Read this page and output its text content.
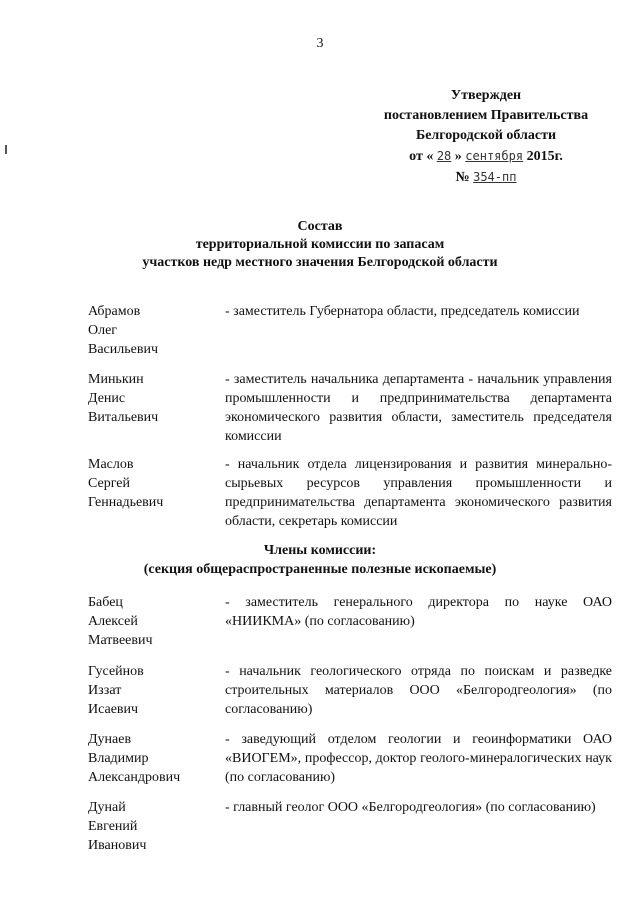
3
Утвержден
постановлением Правительства
Белгородской области
от « 28 » сентября 2015г.
№ 354-пп
Состав
территориальной комиссии по запасам
участков недр местного значения Белгородской области
Абрамов
Олег
Васильевич
- заместитель Губернатора области, председатель комиссии
Минькин
Денис
Витальевич
- заместитель начальника департамента - начальник управления промышленности и предпринимательства департамента экономического развития области, заместитель председателя комиссии
Маслов
Сергей
Геннадьевич
- начальник отдела лицензирования и развития минерально-сырьевых ресурсов управления промышленности и предпринимательства департамента экономического развития области, секретарь комиссии
Члены комиссии:
(секция общераспространенные полезные ископаемые)
Бабец
Алексей
Матвеевич
- заместитель генерального директора по науке ОАО «НИИКМА» (по согласованию)
Гусейнов
Иззат
Исаевич
- начальник геологического отряда по поискам и разведке строительных материалов ООО «Белгородгеология» (по согласованию)
Дунаев
Владимир
Александрович
- заведующий отделом геологии и геоинформатики ОАО «ВИОГЕМ», профессор, доктор геолого-минералогических наук (по согласованию)
Дунай
Евгений
Иванович
- главный геолог ООО «Белгородгеология» (по согласованию)
